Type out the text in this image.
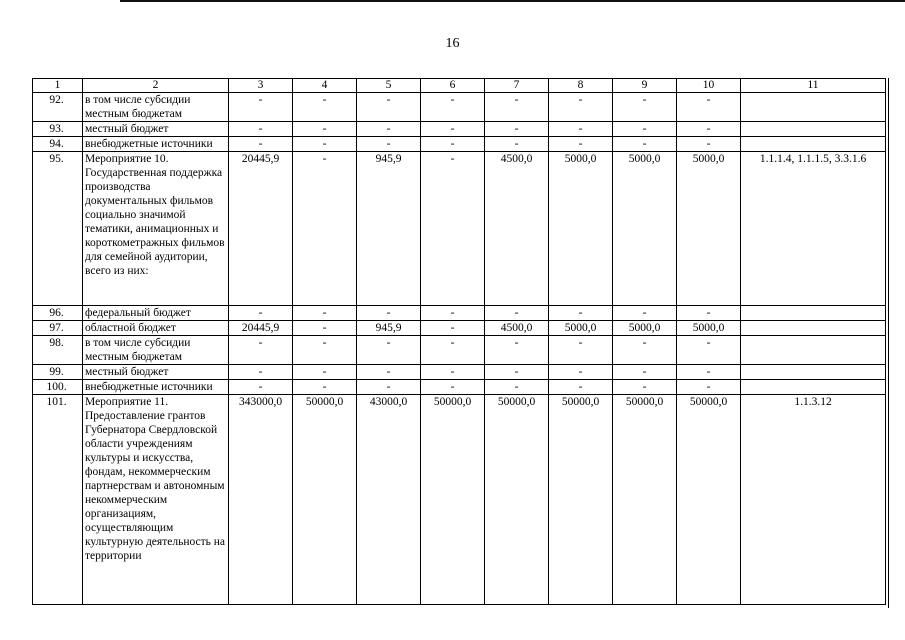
16
1	2	3	4	5	6	7	8	9	10	11
92.	в том числе субсидии местным бюджетам	-	-	-	-	-	-	-	-	
93.	местный бюджет	-	-	-	-	-	-	-	-	
94.	внебюджетные источники	-	-	-	-	-	-	-	-	
95.	Мероприятие 10. Государственная поддержка производства документальных фильмов социально значимой тематики, анимационных и короткометражных фильмов для семейной аудитории, всего из них:	20445,9	-	945,9	-	4500,0	5000,0	5000,0	5000,0	1.1.1.4, 1.1.1.5, 3.3.1.6
96.	федеральный бюджет	-	-	-	-	-	-	-	-	
97.	областной бюджет	20445,9	-	945,9	-	4500,0	5000,0	5000,0	5000,0	
98.	в том числе субсидии местным бюджетам	-	-	-	-	-	-	-	-	
99.	местный бюджет	-	-	-	-	-	-	-	-	
100.	внебюджетные источники	-	-	-	-	-	-	-	-	
101.	Мероприятие 11. Предоставление грантов Губернатора Свердловской области учреждениям культуры и искусства, фондам, некоммерческим партнерствам и автономным некоммерческим организациям, осуществляющим культурную деятельность на территории	343000,0	50000,0	43000,0	50000,0	50000,0	50000,0	50000,0	50000,0	1.1.3.12
